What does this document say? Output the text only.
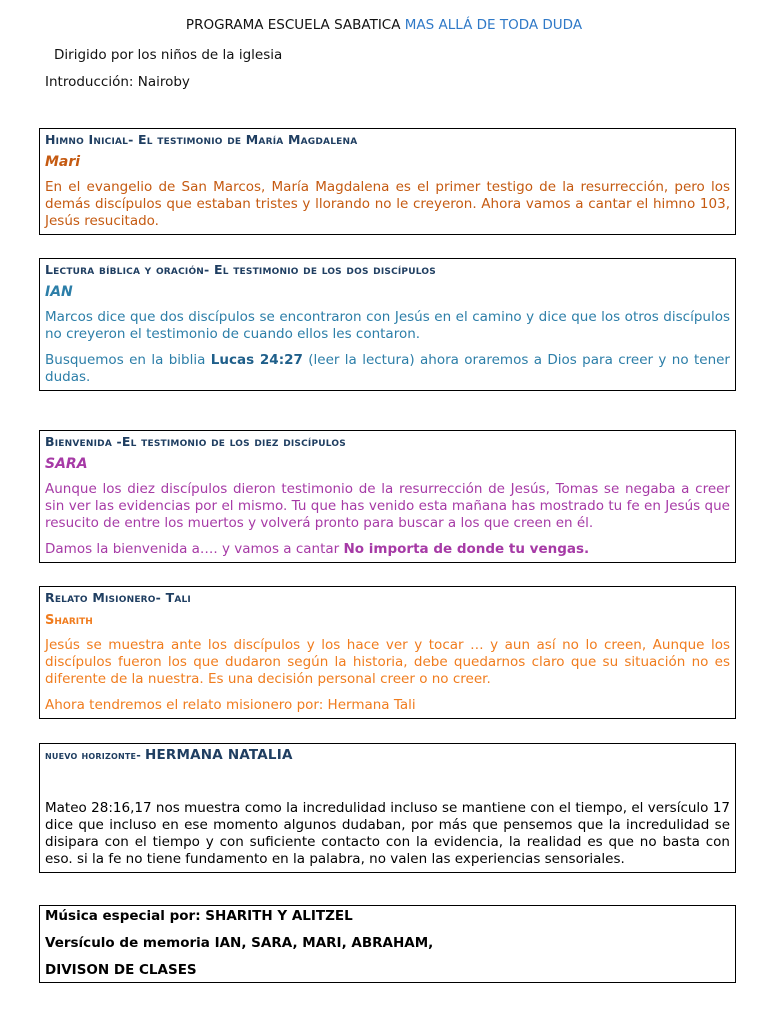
PROGRAMA ESCUELA SABATICA MAS ALLÁ DE TODA DUDA
Dirigido por los niños de la iglesia
Introducción: Nairoby

Himno Inicial- El testimonio de María Magdalena

Mari

En el evangelio de San Marcos, María Magdalena es el primer testigo de la resurrección, pero los demás discípulos que estaban tristes y llorando no le creyeron. Ahora vamos a cantar el himno 103, Jesús resucitado.

Lectura bíblica y oración- El testimonio de los dos discípulos

IAN

Marcos dice que dos discípulos se encontraron con Jesús en el camino y dice que los otros discípulos no creyeron el testimonio de cuando ellos les contaron.

Busquemos en la biblia Lucas 24:27 (leer la lectura) ahora oraremos a Dios para creer y no tener dudas.

Bienvenida -El testimonio de los diez discípulos

SARA

Aunque los diez discípulos dieron testimonio de la resurrección de Jesús, Tomas se negaba a creer sin ver las evidencias por el mismo. Tu que has venido esta mañana has mostrado tu fe en Jesús que resucito de entre los muertos y volverá pronto para buscar a los que creen en él.

Damos la bienvenida a…. y vamos a cantar No importa de donde tu vengas.

Relato Misionero- Tali

Sharith

Jesús se muestra ante los discípulos y los hace ver y tocar … y aun así no lo creen, Aunque los discípulos fueron los que dudaron según la historia, debe quedarnos claro que su situación no es diferente de la nuestra. Es una decisión personal creer o no creer.

Ahora tendremos el relato misionero por: Hermana Tali

nuevo horizonte- HERMANA NATALIA

Mateo 28:16,17 nos muestra como la incredulidad incluso se mantiene con el tiempo, el versículo 17 dice que incluso en ese momento algunos dudaban, por más que pensemos que la incredulidad se disipara con el tiempo y con suficiente contacto con la evidencia, la realidad es que no basta con eso. si la fe no tiene fundamento en la palabra, no valen las experiencias sensoriales.

Música especial por: SHARITH Y ALITZEL

Versículo de memoria IAN, SARA, MARI, ABRAHAM,

DIVISON DE CLASES
